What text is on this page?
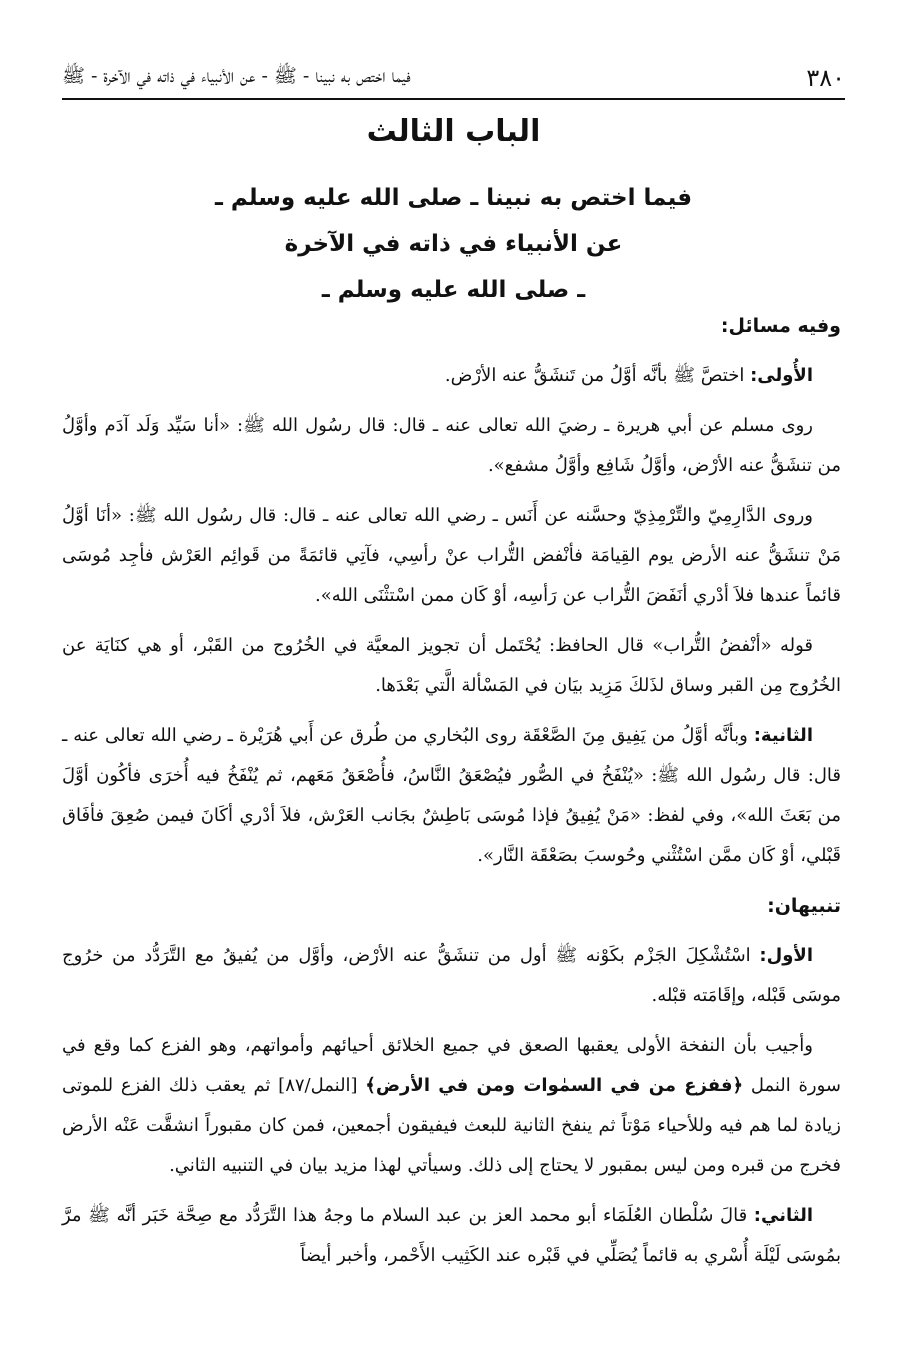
٣٨٠
فيما اختص به نبينا - ﷺ - عن الأنبياء في ذاته في الآخرة - ﷺ
الباب الثالث
فيما اختص به نبينا ـ صلى الله عليه وسلم ـ
عن الأنبياء في ذاته في الآخرة
ـ صلى الله عليه وسلم ـ

وفيه مسائل:

الأُولى: اختصَّ ﷺ بأنَّه أوَّلُ من تَنشَقُّ عنه الأرْض.

روى مسلم عن أبي هريرة ـ رضيَ الله تعالى عنه ـ قال: قال رسُول الله ﷺ: «أنا سَيِّد وَلَد آدَم وأوَّلُ من تنشَقُّ عنه الأرْض، وأوَّلُ شَافِع وأوَّلُ مشفع».

وروى الدَّارِمِيّ والتِّرْمِذِيّ وحسَّنه عن أَنَس ـ رضي الله تعالى عنه ـ قال: قال رسُول الله ﷺ: «أنَا أوَّلُ مَنْ تنشَقُّ عنه الأرض يوم القِيامَة فأنْفض التُّراب عنْ رأسِي، فآتِي قائمَةً من قَوائِم العَرْش فأجِد مُوسَى قائماً عندها فلاَ أدْري أنَفَضَ التُّراب عن رَأسِه، أوْ كَان ممن اسْتثْنَى الله».

قوله «أنْفضُ التُّراب» قال الحافظ: يُحْتَمل أن تجويز المعيَّة في الخُرُوج من القَبْر، أو هي كنَايَة عن الخُرُوج مِن القبر وساق لذَلكَ مَزِيد بيَان في المَسْألة الَّتي بَعْدَها.

الثانية: وبأنَّه أوَّلُ من يَفِيق مِنَ الصَّعْقَة روى البُخاري من طُرق عن أَبي هُرَيْرة ـ رضي الله تعالى عنه ـ قال: قال رسُول الله ﷺ: «يُنْفَخُ في الصُّور فيُصْعَقُ النَّاسُ، فأُصْعَقُ مَعَهم، ثم يُنْفَخُ فيه أُخرَى فأكُون أوَّلَ من بَعَثَ الله»، وفي لفظ: «مَنْ يُفِيقُ فإذا مُوسَى بَاطِشٌ بجَانب العَرْش، فلاَ أدْري أكَانَ فيمن صُعِقَ فأفَاق قَبْلي، أوْ كَان ممَّن اسْتُثْني وحُوسبَ بصَعْقَة النَّار».

تنبيهان:

الأول: اسْتُشْكِلَ الجَزْم بكَوْنه ﷺ أول من تنشَقُّ عنه الأرْض، وأوَّل من يُفيقُ مع التَّرَدُّد من خرُوج موسَى قَبْله، وإقَامَته قبْله.

وأجيب بأن النفخة الأولى يعقبها الصعق في جميع الخلائق أحيائهم وأمواتهم، وهو الفزع كما وقع في سورة النمل ﴿ففزع من في السمٰوات ومن في الأرض﴾ [النمل/٨٧] ثم يعقب ذلك الفزع للموتى زيادة لما هم فيه وللأحياء مَوْتاً ثم ينفخ الثانية للبعث فيفيقون أجمعين، فمن كان مقبوراً انشقَّت عَنْه الأرض فخرج من قبره ومن ليس بمقبور لا يحتاج إلى ذلك. وسيأتي لهذا مزيد بيان في التنبيه الثاني.

الثاني: قالَ سُلْطان العُلَمَاء أبو محمد العز بن عبد السلام ما وجهُ هذا التَّرَدُّد مع صِحَّة خَبَر أنَّه ﷺ مرَّ بمُوسَى لَيْلَة أُسْري به قائماً يُصَلِّي في قَبْره عند الكَثِيب الأَحْمر، وأخبر أيضاً
